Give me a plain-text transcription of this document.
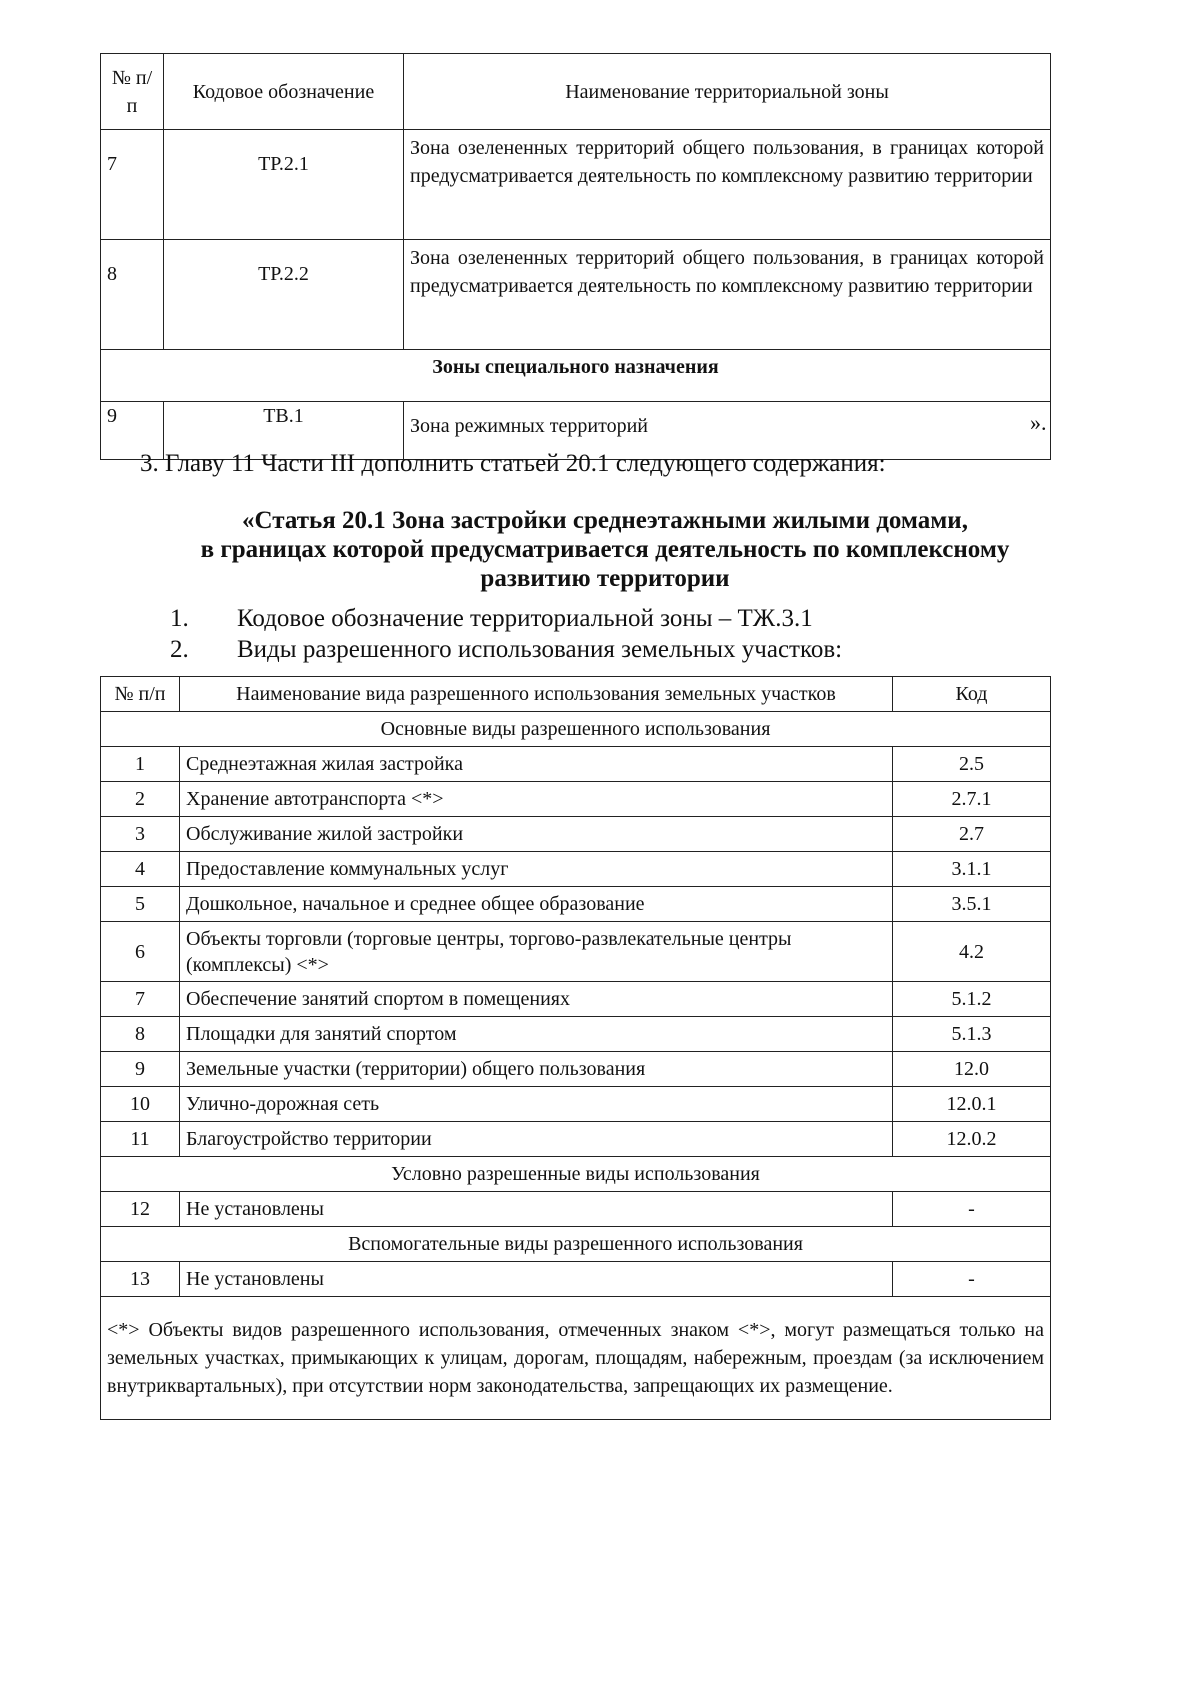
№ п/п	Кодовое обозначение	Наименование территориальной зоны
7	ТР.2.1	Зона озелененных территорий общего пользования, в границах которой предусматривается деятельность по комплексному развитию территории
8	ТР.2.2	Зона озелененных территорий общего пользования, в границах которой предусматривается деятельность по комплексному развитию территории
Зоны специального назначения		
9	ТВ.1	Зона режимных территорий	».
3. Главу 11 Части III дополнить статьей 20.1 следующего содержания:
«Статья 20.1 Зона застройки среднеэтажными жилыми домами,
в границах которой предусматривается деятельность по комплексному
развитию территории
1. Кодовое обозначение территориальной зоны – ТЖ.3.1
2. Виды разрешенного использования земельных участков:
№ п/п	Наименование вида разрешенного использования земельных участков	Код
Основные виды разрешенного использования		
1	Среднеэтажная жилая застройка	2.5
2	Хранение автотранспорта <*>	2.7.1
3	Обслуживание жилой застройки	2.7
4	Предоставление коммунальных услуг	3.1.1
5	Дошкольное, начальное и среднее общее образование	3.5.1
6	Объекты торговли (торговые центры, торгово-развлекательные центры (комплексы) <*>	4.2
7	Обеспечение занятий спортом в помещениях	5.1.2
8	Площадки для занятий спортом	5.1.3
9	Земельные участки (территории) общего пользования	12.0
10	Улично-дорожная сеть	12.0.1
11	Благоустройство территории	12.0.2
Условно разрешенные виды использования		
12	Не установлены	-
Вспомогательные виды разрешенного использования		
13	Не установлены	-
<*> Объекты видов разрешенного использования, отмеченных знаком <*>, могут размещаться только на земельных участках, примыкающих к улицам, дорогам, площадям, набережным, проездам (за исключением внутриквартальных), при отсутствии норм законодательства, запрещающих их размещение.		
